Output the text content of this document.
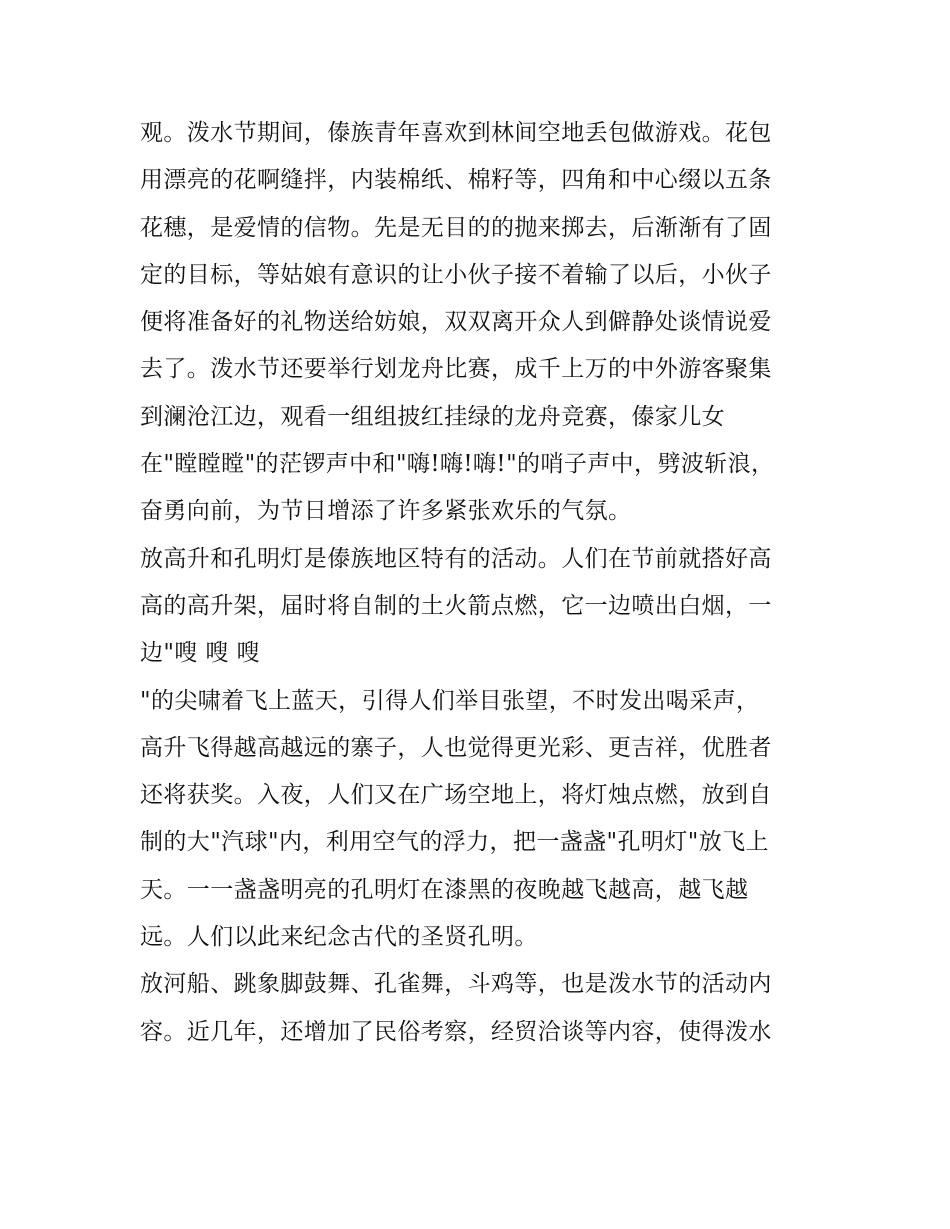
观。泼水节期间，傣族青年喜欢到林间空地丢包做游戏。花包
用漂亮的花啊缝拌，内装棉纸、棉籽等，四角和中心缀以五条
花穗，是爱情的信物。先是无目的的抛来掷去，后渐渐有了固
定的目标，等姑娘有意识的让小伙子接不着输了以后，小伙子
便将准备好的礼物送给妨娘，双双离开众人到僻静处谈情说爱
去了。泼水节还要举行划龙舟比赛，成千上万的中外游客聚集
到澜沧江边，观看一组组披红挂绿的龙舟竞赛，傣家儿女
在"瞠瞠瞠"的茫锣声中和"嗨!嗨!嗨!"的哨子声中，劈波斩浪，
奋勇向前，为节日增添了许多紧张欢乐的气氛。
放高升和孔明灯是傣族地区特有的活动。人们在节前就搭好高
高的高升架，届时将自制的土火箭点燃，它一边喷出白烟，一
边"嗖 嗖 嗖
"的尖啸着飞上蓝天，引得人们举目张望，不时发出喝采声，
高升飞得越高越远的寨子，人也觉得更光彩、更吉祥，优胜者
还将获奖。入夜，人们又在广场空地上，将灯烛点燃，放到自
制的大"汽球"内，利用空气的浮力，把一盏盏"孔明灯"放飞上
天。一一盏盏明亮的孔明灯在漆黑的夜晚越飞越高，越飞越
远。人们以此来纪念古代的圣贤孔明。
放河船、跳象脚鼓舞、孔雀舞，斗鸡等，也是泼水节的活动内
容。近几年，还增加了民俗考察，经贸洽谈等内容，使得泼水
